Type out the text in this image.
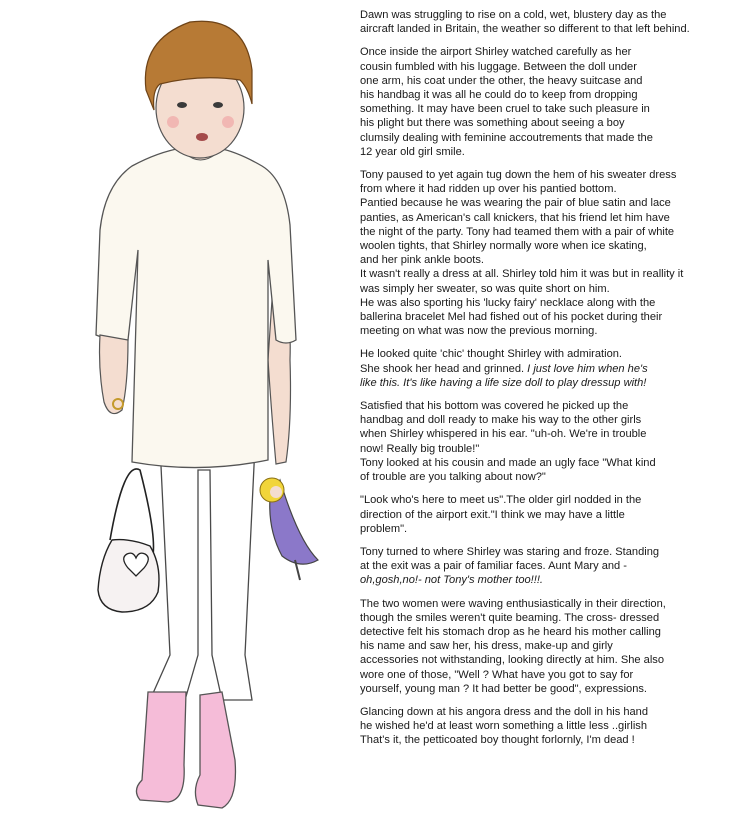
Dawn was struggling to rise on a cold, wet, blustery day as the
aircraft landed in Britain, the weather so different to that left behind.

Once inside the airport Shirley watched carefully as her
cousin fumbled with his luggage. Between the doll under
one arm, his coat under the other, the heavy suitcase and
his handbag it was all he could do to keep from dropping
something. It may have been cruel to take such pleasure in
his plight but there was something about seeing a boy
clumsily dealing with feminine accoutrements that made the
12 year old girl smile.

Tony paused to yet again tug down the hem of his sweater dress
from where it had ridden up over his pantied bottom.
Pantied because he was wearing the pair of blue satin and lace
panties, as American's call knickers, that his friend let him have
the night of the party. Tony had teamed them with a pair of white
woolen tights, that Shirley normally wore when ice skating,
and her pink ankle boots.
It wasn't really a dress at all. Shirley told him it was but in reallity it
was simply her sweater, so was quite short on him.
He was also sporting his 'lucky fairy' necklace along with the
ballerina bracelet Mel had fished out of his pocket during their
meeting on what was now the previous morning.

He looked quite 'chic' thought Shirley with admiration.
She shook her head and grinned. I just love him when he's
like this. It's like having a life size doll to play dressup with!

Satisfied that his bottom was covered he picked up the
handbag and doll ready to make his way to the other girls
when Shirley whispered in his ear. "uh-oh. We're in trouble
now! Really big trouble!"
Tony looked at his cousin and made an ugly face "What kind
of trouble are you talking about now?"

"Look who's here to meet us".The older girl nodded in the
direction of the airport exit."I think we may have a little
problem".

Tony turned to where Shirley was staring and froze. Standing
at the exit was a pair of familiar faces. Aunt Mary and -
oh,gosh,no!- not Tony's mother too!!!.

The two women were waving enthusiastically in their direction,
though the smiles weren't quite beaming. The cross- dressed
detective felt his stomach drop as he heard his mother calling
his name and saw her, his dress, make-up and girly
accessories not withstanding, looking directly at him. She also
wore one of those, "Well ? What have you got to say for
yourself, young man ? It had better be good", expressions.

Glancing down at his angora dress and the doll in his hand
he wished he'd at least worn something a little less ..girlish
That's it, the petticoated boy thought forlornly, I'm dead !
